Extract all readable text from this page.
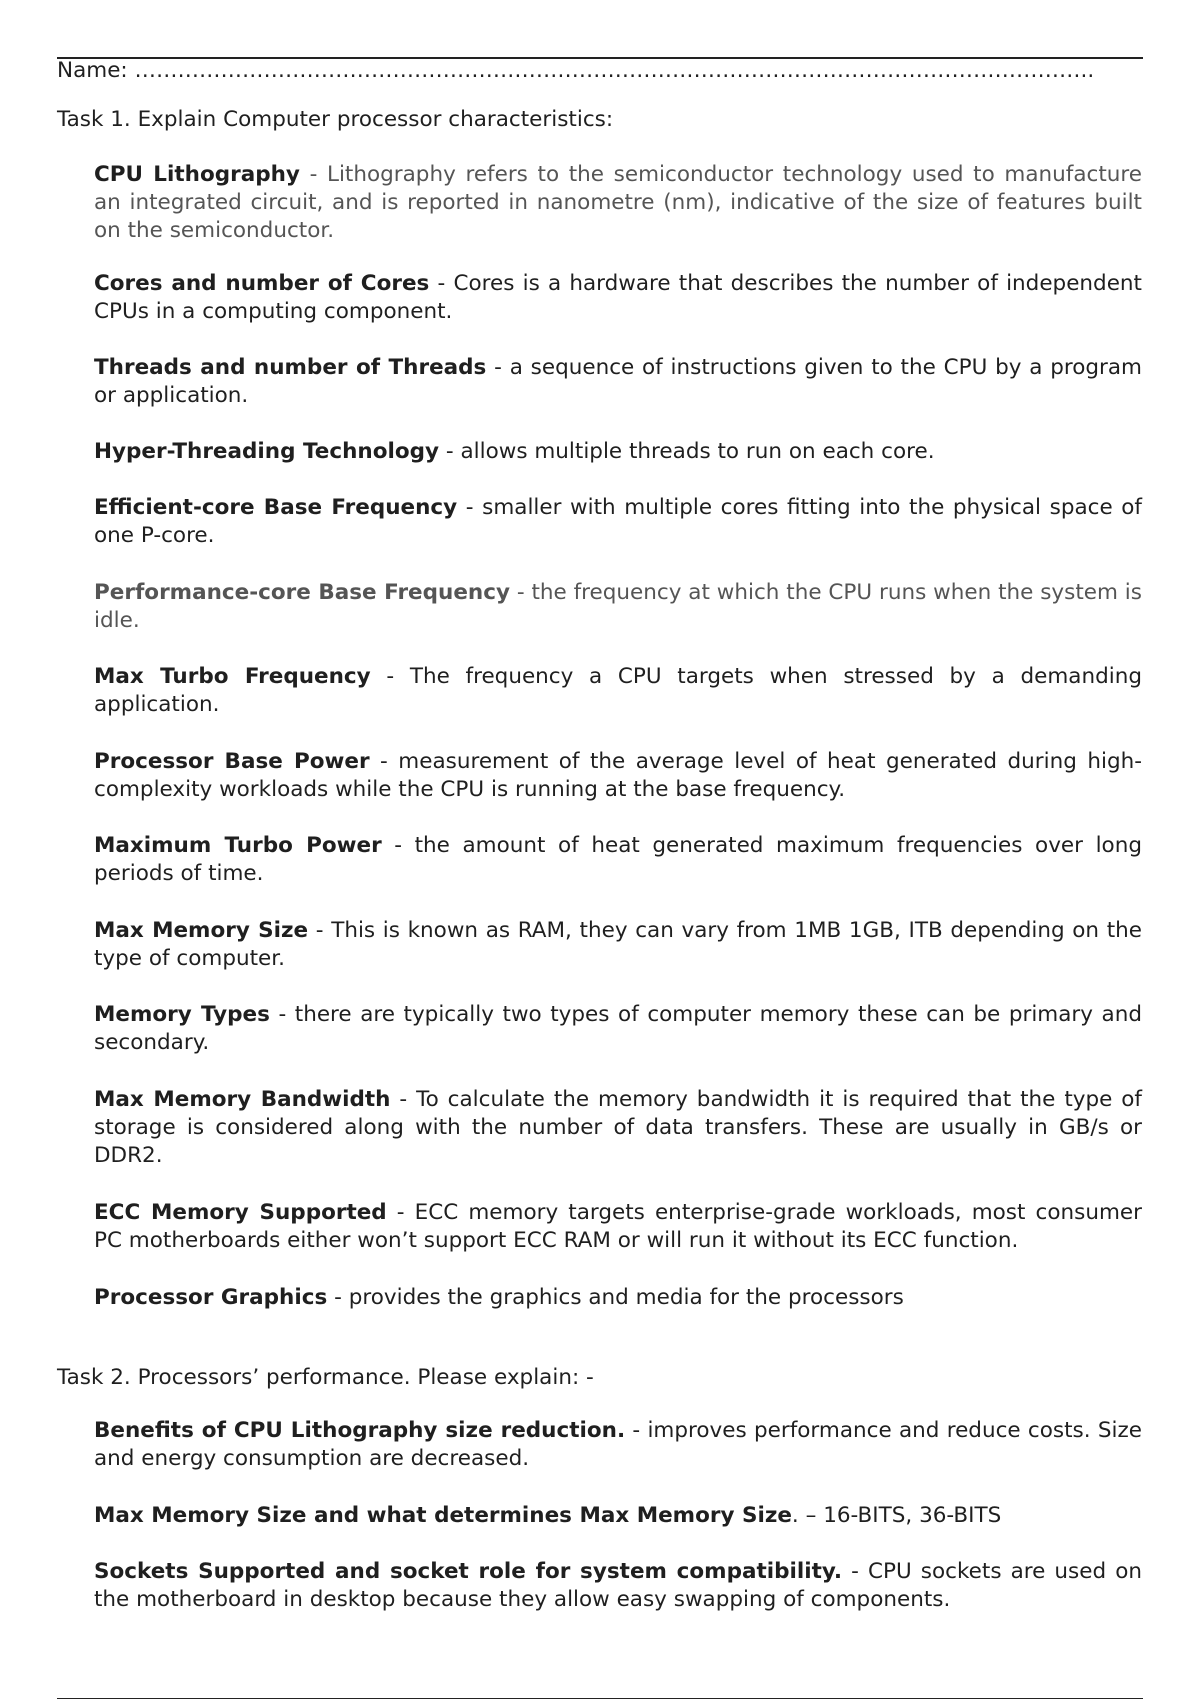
Name: ……………………………………………………………………………………………………………………..
Task 1. Explain Computer processor characteristics:
CPU Lithography - Lithography refers to the semiconductor technology used to manufacture an integrated circuit, and is reported in nanometre (nm), indicative of the size of features built on the semiconductor.
Cores and number of Cores - Cores is a hardware that describes the number of independent CPUs in a computing component.
Threads and number of Threads - a sequence of instructions given to the CPU by a program or application.
Hyper-Threading Technology - allows multiple threads to run on each core.
Efficient-core Base Frequency - smaller with multiple cores fitting into the physical space of one P-core.
Performance-core Base Frequency - the frequency at which the CPU runs when the system is idle.
Max Turbo Frequency - The frequency a CPU targets when stressed by a demanding application.
Processor Base Power - measurement of the average level of heat generated during high-complexity workloads while the CPU is running at the base frequency.
Maximum Turbo Power - the amount of heat generated maximum frequencies over long periods of time.
Max Memory Size - This is known as RAM, they can vary from 1MB 1GB, ITB depending on the type of computer.
Memory Types - there are typically two types of computer memory these can be primary and secondary.
Max Memory Bandwidth - To calculate the memory bandwidth it is required that the type of storage is considered along with the number of data transfers. These are usually in GB/s or DDR2.
ECC Memory Supported - ECC memory targets enterprise-grade workloads, most consumer PC motherboards either won’t support ECC RAM or will run it without its ECC function.
Processor Graphics - provides the graphics and media for the processors
Task 2. Processors’ performance. Please explain: -
Benefits of CPU Lithography size reduction. - improves performance and reduce costs. Size and energy consumption are decreased.
Max Memory Size and what determines Max Memory Size. – 16-BITS, 36-BITS
Sockets Supported and socket role for system compatibility. - CPU sockets are used on the motherboard in desktop because they allow easy swapping of components.
